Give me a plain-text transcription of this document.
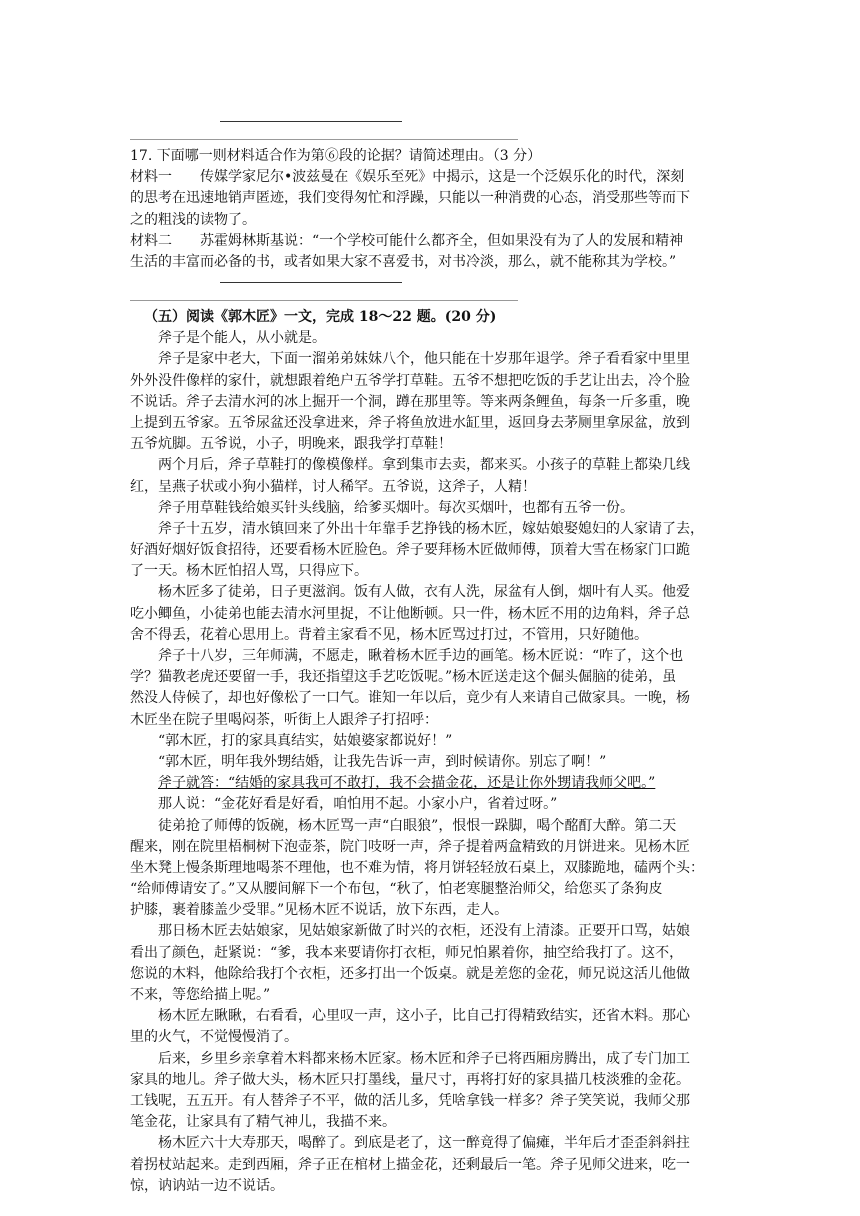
17. 下面哪一则材料适合作为第⑥段的论据？请简述理由。（3 分）
材料一　　传媒学家尼尔•波兹曼在《娱乐至死》中揭示，这是一个泛娱乐化的时代，深刻
的思考在迅速地销声匿迹，我们变得匆忙和浮躁，只能以一种消费的心态，消受那些等而下
之的粗浅的读物了。
材料二　　苏霍姆林斯基说：“一个学校可能什么都齐全，但如果没有为了人的发展和精神
生活的丰富而必备的书，或者如果大家不喜爱书，对书冷淡，那么，就不能称其为学校。”
（五）阅读《郭木匠》一文，完成 18～22 题。(20 分)
斧子是个能人，从小就是。
斧子是家中老大，下面一溜弟弟妹妹八个，他只能在十岁那年退学。斧子看看家中里里
外外没件像样的家什，就想跟着绝户五爷学打草鞋。五爷不想把吃饭的手艺让出去，冷个脸
不说话。斧子去清水河的冰上掘开一个洞，蹲在那里等。等来两条鲤鱼，每条一斤多重，晚
上提到五爷家。五爷尿盆还没拿进来，斧子将鱼放进水缸里，返回身去茅厕里拿尿盆，放到
五爷炕脚。五爷说，小子，明晚来，跟我学打草鞋！
两个月后，斧子草鞋打的像模像样。拿到集市去卖，都来买。小孩子的草鞋上都染几线
红，呈燕子状或小狗小猫样，讨人稀罕。五爷说，这斧子，人精！
斧子用草鞋钱给娘买针头线脑，给爹买烟叶。每次买烟叶，也都有五爷一份。
斧子十五岁，清水镇回来了外出十年靠手艺挣钱的杨木匠，嫁姑娘娶媳妇的人家请了去，
好酒好烟好饭食招待，还要看杨木匠脸色。斧子要拜杨木匠做师傅，顶着大雪在杨家门口跪
了一天。杨木匠怕招人骂，只得应下。
杨木匠多了徒弟，日子更滋润。饭有人做，衣有人洗，尿盆有人倒，烟叶有人买。他爱
吃小鲫鱼，小徒弟也能去清水河里捉，不让他断顿。只一件，杨木匠不用的边角料，斧子总
舍不得丢，花着心思用上。背着主家看不见，杨木匠骂过打过，不管用，只好随他。
斧子十八岁，三年师满，不愿走，瞅着杨木匠手边的画笔。杨木匠说：“咋了，这个也
学？猫教老虎还要留一手，我还指望这手艺吃饭呢。”杨木匠送走这个倔头倔脑的徒弟，虽
然没人侍候了，却也好像松了一口气。谁知一年以后，竟少有人来请自己做家具。一晚，杨
木匠坐在院子里喝闷茶，听街上人跟斧子打招呼：
“郭木匠，打的家具真结实，姑娘婆家都说好！”
“郭木匠，明年我外甥结婚，让我先告诉一声，到时候请你。别忘了啊！”
斧子就答：“结婚的家具我可不敢打，我不会描金花，还是让你外甥请我师父吧。”
那人说：“金花好看是好看，咱怕用不起。小家小户，省着过呀。”
徒弟抢了师傅的饭碗，杨木匠骂一声“白眼狼”，恨恨一跺脚，喝个酩酊大醉。第二天
醒来，刚在院里梧桐树下泡壶茶，院门吱呀一声，斧子提着两盒精致的月饼进来。见杨木匠
坐木凳上慢条斯理地喝茶不理他，也不难为情，将月饼轻轻放石桌上，双膝跪地，磕两个头：
“给师傅请安了。”又从腰间解下一个布包，“秋了，怕老寒腿整治师父，给您买了条狗皮
护膝，裹着膝盖少受罪。”见杨木匠不说话，放下东西，走人。
那日杨木匠去姑娘家，见姑娘家新做了时兴的衣柜，还没有上清漆。正要开口骂，姑娘
看出了颜色，赶紧说：“爹，我本来要请你打衣柜，师兄怕累着你，抽空给我打了。这不，
您说的木料，他除给我打个衣柜，还多打出一个饭桌。就是差您的金花，师兄说这活儿他做
不来，等您给描上呢。”
杨木匠左瞅瞅，右看看，心里叹一声，这小子，比自己打得精致结实，还省木料。那心
里的火气，不觉慢慢消了。
后来，乡里乡亲拿着木料都来杨木匠家。杨木匠和斧子已将西厢房腾出，成了专门加工
家具的地儿。斧子做大头，杨木匠只打墨线，量尺寸，再将打好的家具描几枝淡雅的金花。
工钱呢，五五开。有人替斧子不平，做的活儿多，凭啥拿钱一样多？斧子笑笑说，我师父那
笔金花，让家具有了精气神儿，我描不来。
杨木匠六十大寿那天，喝醉了。到底是老了，这一醉竟得了偏瘫，半年后才歪歪斜斜拄
着拐杖站起来。走到西厢，斧子正在棺材上描金花，还剩最后一笔。斧子见师父进来，吃一
惊，讷讷站一边不说话。
